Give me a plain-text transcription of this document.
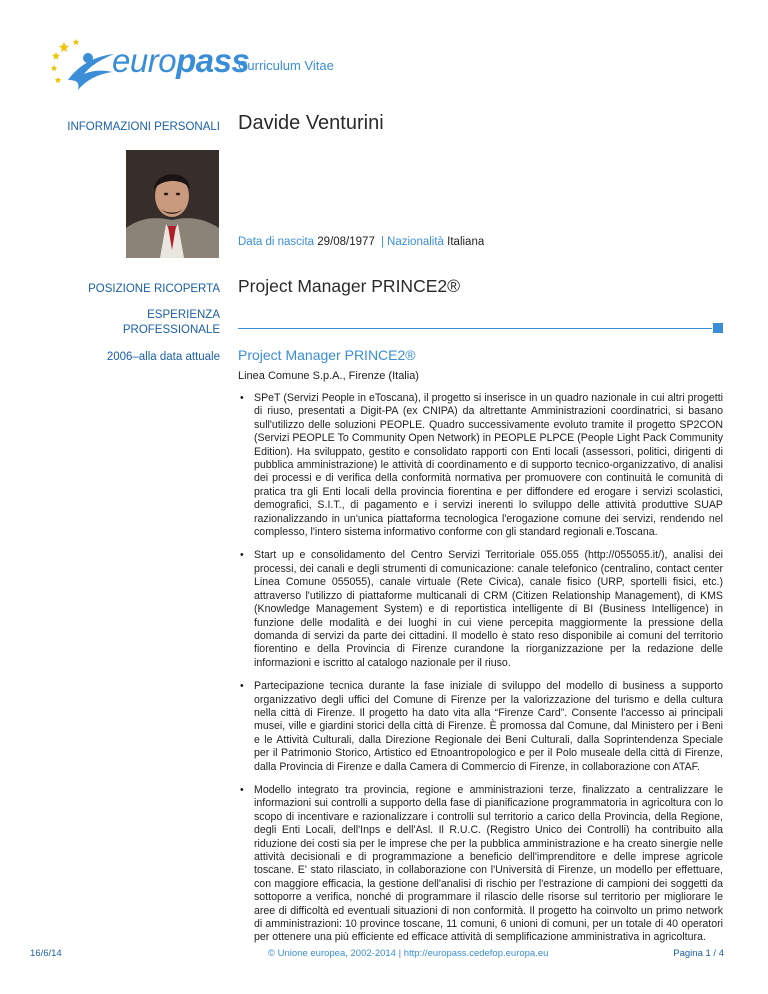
europass
Curriculum Vitae
INFORMAZIONI PERSONALI Davide Venturini
Data di nascita 29/08/1977 | Nazionalità Italiana
POSIZIONE RICOPERTA Project Manager PRINCE2®
ESPERIENZA
PROFESSIONALE
2006–alla data attuale Project Manager PRINCE2®
Linea Comune S.p.A., Firenze (Italia)
• SPeT (Servizi People in eToscana), il progetto si inserisce in un quadro nazionale in cui altri progetti di riuso, presentati a Digit-PA (ex CNIPA) da altrettante Amministrazioni coordinatrici, si basano sull'utilizzo delle soluzioni PEOPLE. Quadro successivamente evoluto tramite il progetto SP2CON (Servizi PEOPLE To Community Open Network) in PEOPLE PLPCE (People Light Pack Community Edition). Ha sviluppato, gestito e consolidato rapporti con Enti locali (assessori, politici, dirigenti di pubblica amministrazione) le attività di coordinamento e di supporto tecnico-organizzativo, di analisi dei processi e di verifica della conformità normativa per promuovere con continuità le comunità di pratica tra gli Enti locali della provincia fiorentina e per diffondere ed erogare i servizi scolastici, demografici, S.I.T., di pagamento e i servizi inerenti lo sviluppo delle attività produttive SUAP razionalizzando in un'unica piattaforma tecnologica l'erogazione comune dei servizi, rendendo nel complesso, l'intero sistema informativo conforme con gli standard regionali e.Toscana.
• Start up e consolidamento del Centro Servizi Territoriale 055.055 (http://055055.it/), analisi dei processi, dei canali e degli strumenti di comunicazione: canale telefonico (centralino, contact center Linea Comune 055055), canale virtuale (Rete Civica), canale fisico (URP, sportelli fisici, etc.) attraverso l'utilizzo di piattaforme multicanali di CRM (Citizen Relationship Management), di KMS (Knowledge Management System) e di reportistica intelligente di BI (Business Intelligence) in funzione delle modalità e dei luoghi in cui viene percepita maggiormente la pressione della domanda di servizi da parte dei cittadini. Il modello è stato reso disponibile ai comuni del territorio fiorentino e della Provincia di Firenze curandone la riorganizzazione per la redazione delle informazioni e iscritto al catalogo nazionale per il riuso.
• Partecipazione tecnica durante la fase iniziale di sviluppo del modello di business a supporto organizzativo degli uffici del Comune di Firenze per la valorizzazione del turismo e della cultura nella città di Firenze. Il progetto ha dato vita alla “Firenze Card”. Consente l'accesso ai principali musei, ville e giardini storici della città di Firenze. È promossa dal Comune, dal Ministero per i Beni e le Attività Culturali, dalla Direzione Regionale dei Beni Culturali, dalla Soprintendenza Speciale per il Patrimonio Storico, Artistico ed Etnoantropologico e per il Polo museale della città di Firenze, dalla Provincia di Firenze e dalla Camera di Commercio di Firenze, in collaborazione con ATAF.
• Modello integrato tra provincia, regione e amministrazioni terze, finalizzato a centralizzare le informazioni sui controlli a supporto della fase di pianificazione programmatoria in agricoltura con lo scopo di incentivare e razionalizzare i controlli sul territorio a carico della Provincia, della Regione, degli Enti Locali, dell'Inps e dell'Asl. Il R.U.C. (Registro Unico dei Controlli) ha contribuito alla riduzione dei costi sia per le imprese che per la pubblica amministrazione e ha creato sinergie nelle attività decisionali e di programmazione a beneficio dell'imprenditore e delle imprese agricole toscane. E' stato rilasciato, in collaborazione con l'Università di Firenze, un modello per effettuare, con maggiore efficacia, la gestione dell'analisi di rischio per l'estrazione di campioni dei soggetti da sottoporre a verifica, nonché di programmare il rilascio delle risorse sul territorio per migliorare le aree di difficoltà ed eventuali situazioni di non conformità. Il progetto ha coinvolto un primo network di amministrazioni: 10 province toscane, 11 comuni, 6 unioni di comuni, per un totale di 40 operatori per ottenere una più efficiente ed efficace attività di semplificazione amministrativa in agricoltura.
16/6/14	© Unione europea, 2002-2014 | http://europass.cedefop.europa.eu	Pagina 1 / 4
